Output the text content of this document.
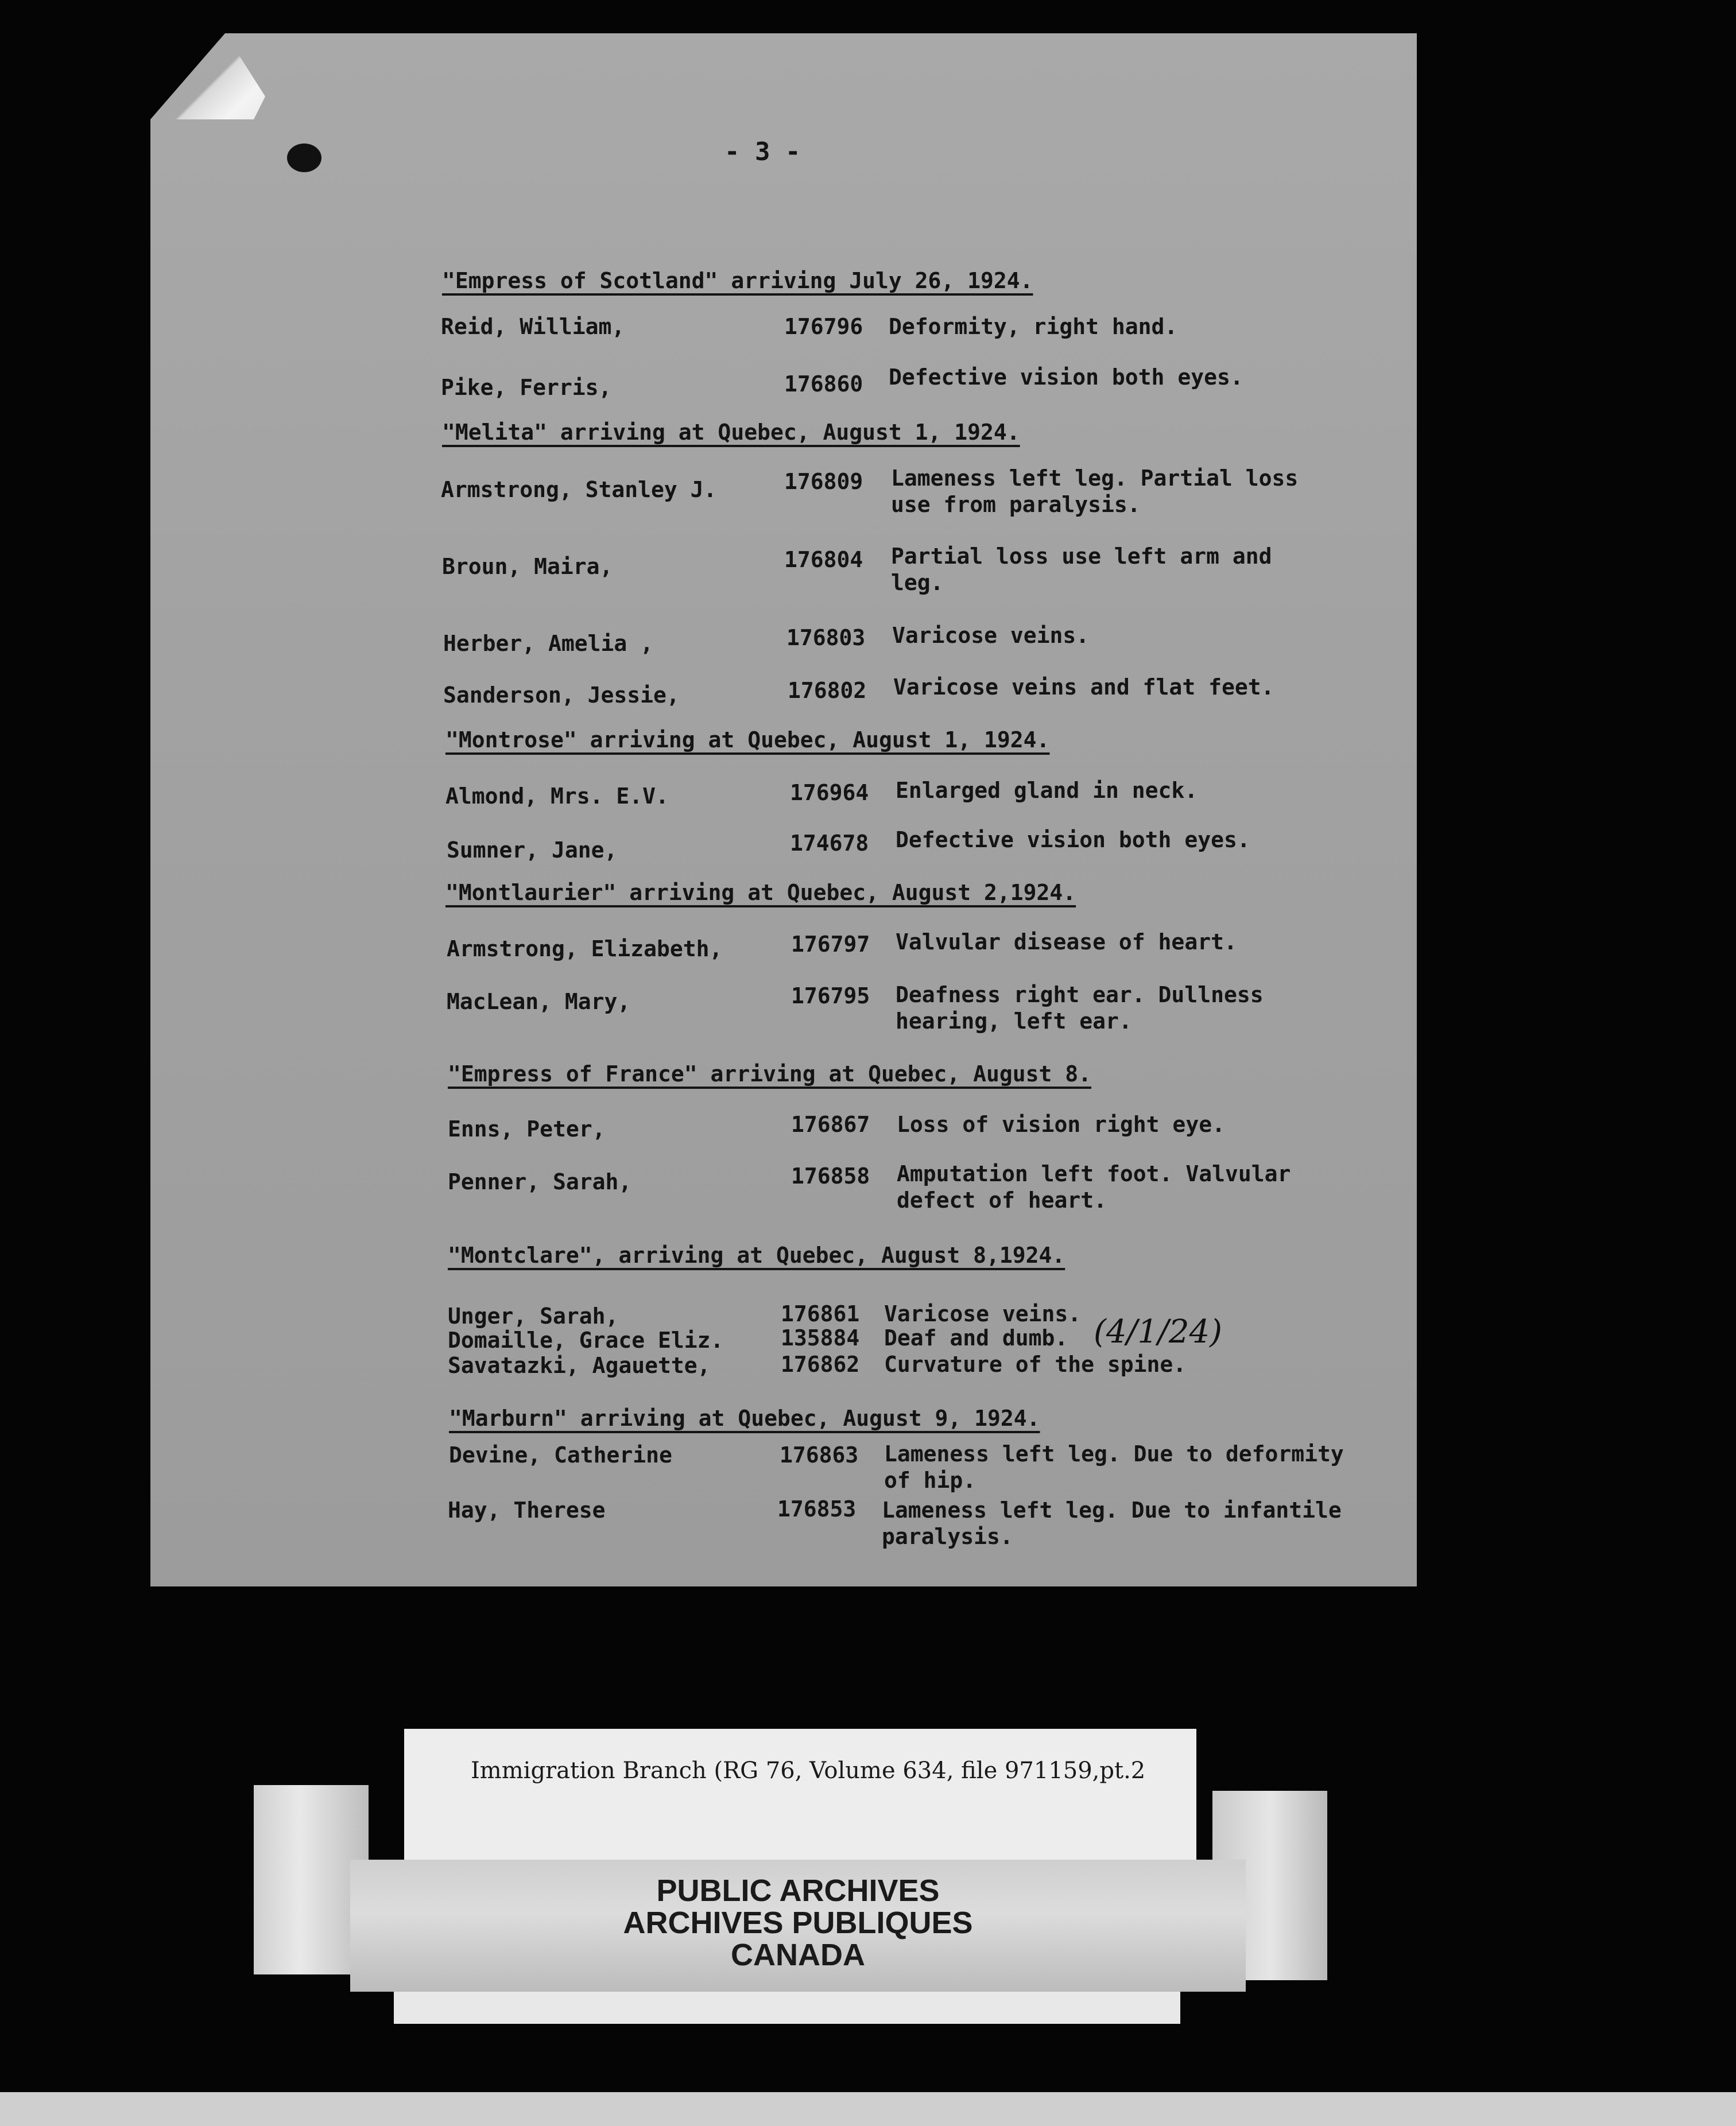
- 3 -
"Empress of Scotland" arriving July 26, 1924.
Reid, William,	176796 Deformity, right hand.
Pike, Ferris,	176860 Defective vision both eyes.
"Melita" arriving at Quebec, August 1, 1924.
Armstrong, Stanley J.	176809 Lameness left leg. Partial loss use from paralysis.
Broun, Maira,	176804 Partial loss use left arm and leg.
Herber, Amelia ,	176803 Varicose veins.
Sanderson, Jessie,	176802 Varicose veins and flat feet.
"Montrose" arriving at Quebec, August 1, 1924.
Almond, Mrs. E.V.	176964 Enlarged gland in neck.
Sumner, Jane,	174678 Defective vision both eyes.
"Montlaurier" arriving at Quebec, August 2,1924.
Armstrong, Elizabeth,	176797 Valvular disease of heart.
MacLean, Mary,	176795 Deafness right ear. Dullness hearing, left ear.
"Empress of France" arriving at Quebec, August 8.
Enns, Peter,	176867 Loss of vision right eye.
Penner, Sarah,	176858 Amputation left foot. Valvular defect of heart.
"Montclare", arriving at Quebec, August 8,1924.
Unger, Sarah,	176861 Varicose veins.
Domaille, Grace Eliz.	135884 Deaf and dumb.
Savatazki, Agauette,	176862 Curvature of the spine.
(4/1/24)
"Marburn" arriving at Quebec, August 9, 1924.
Devine, Catherine	176863 Lameness left leg. Due to deformity of hip.
Hay, Therese	176853 Lameness left leg. Due to infantile paralysis.
Immigration Branch (RG 76, Volume 634, file 971159,pt.2
PUBLIC ARCHIVES
ARCHIVES PUBLIQUES
CANADA
